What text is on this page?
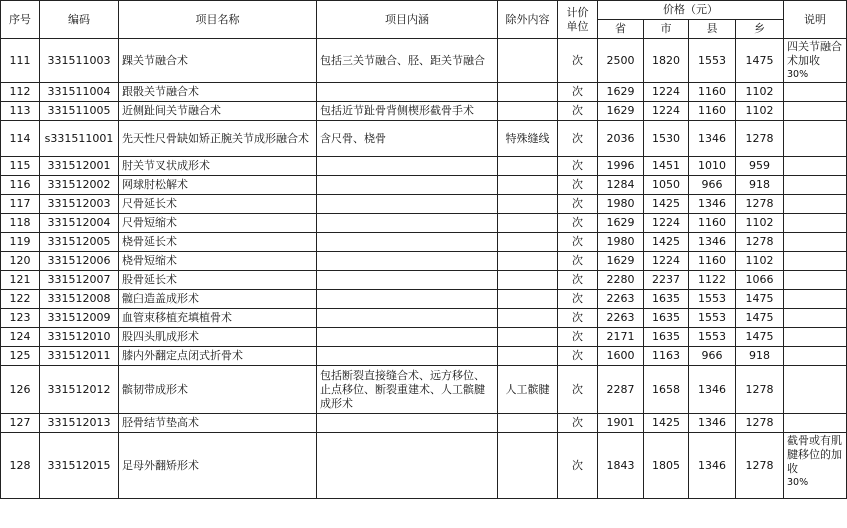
序号	编码	项目名称	项目内涵	除外内容	计价
单位	价格（元）				说明
						省	市	县	乡	
111	331511003	踝关节融合术	包括三关节融合、胫、距关节融合		次	2500	1820	1553	1475	四关节融合术加收
30%

112	331511004	跟骰关节融合术			次	1629	1224	1160	1102	

113	331511005	近侧趾间关节融合术	包括近节趾骨背侧楔形截骨手术		次	1629	1224	1160	1102	

114	s331511001	先天性尺骨缺如矫正腕关节成形融合术	含尺骨、桡骨	特殊缝线	次	2036	1530	1346	1278	

115	331512001	肘关节叉状成形术			次	1996	1451	1010	959	

116	331512002	网球肘松解术			次	1284	1050	966	918	

117	331512003	尺骨延长术			次	1980	1425	1346	1278	

118	331512004	尺骨短缩术			次	1629	1224	1160	1102	

119	331512005	桡骨延长术			次	1980	1425	1346	1278	

120	331512006	桡骨短缩术			次	1629	1224	1160	1102	

121	331512007	股骨延长术			次	2280	2237	1122	1066	

122	331512008	髋臼造盖成形术			次	2263	1635	1553	1475	

123	331512009	血管束移植充填植骨术			次	2263	1635	1553	1475	

124	331512010	股四头肌成形术			次	2171	1635	1553	1475	

125	331512011	膝内外翻定点闭式折骨术			次	1600	1163	966	918	

126	331512012	髌韧带成形术	包括断裂直接缝合术、远方移位、止点移位、断裂重建术、人工髌腱成形术	人工髌腱	次	2287	1658	1346	1278	

127	331512013	胫骨结节垫高术			次	1901	1425	1346	1278	

128	331512015	足母外翻矫形术			次	1843	1805	1346	1278	截骨或有肌腱移位的加收
30%
